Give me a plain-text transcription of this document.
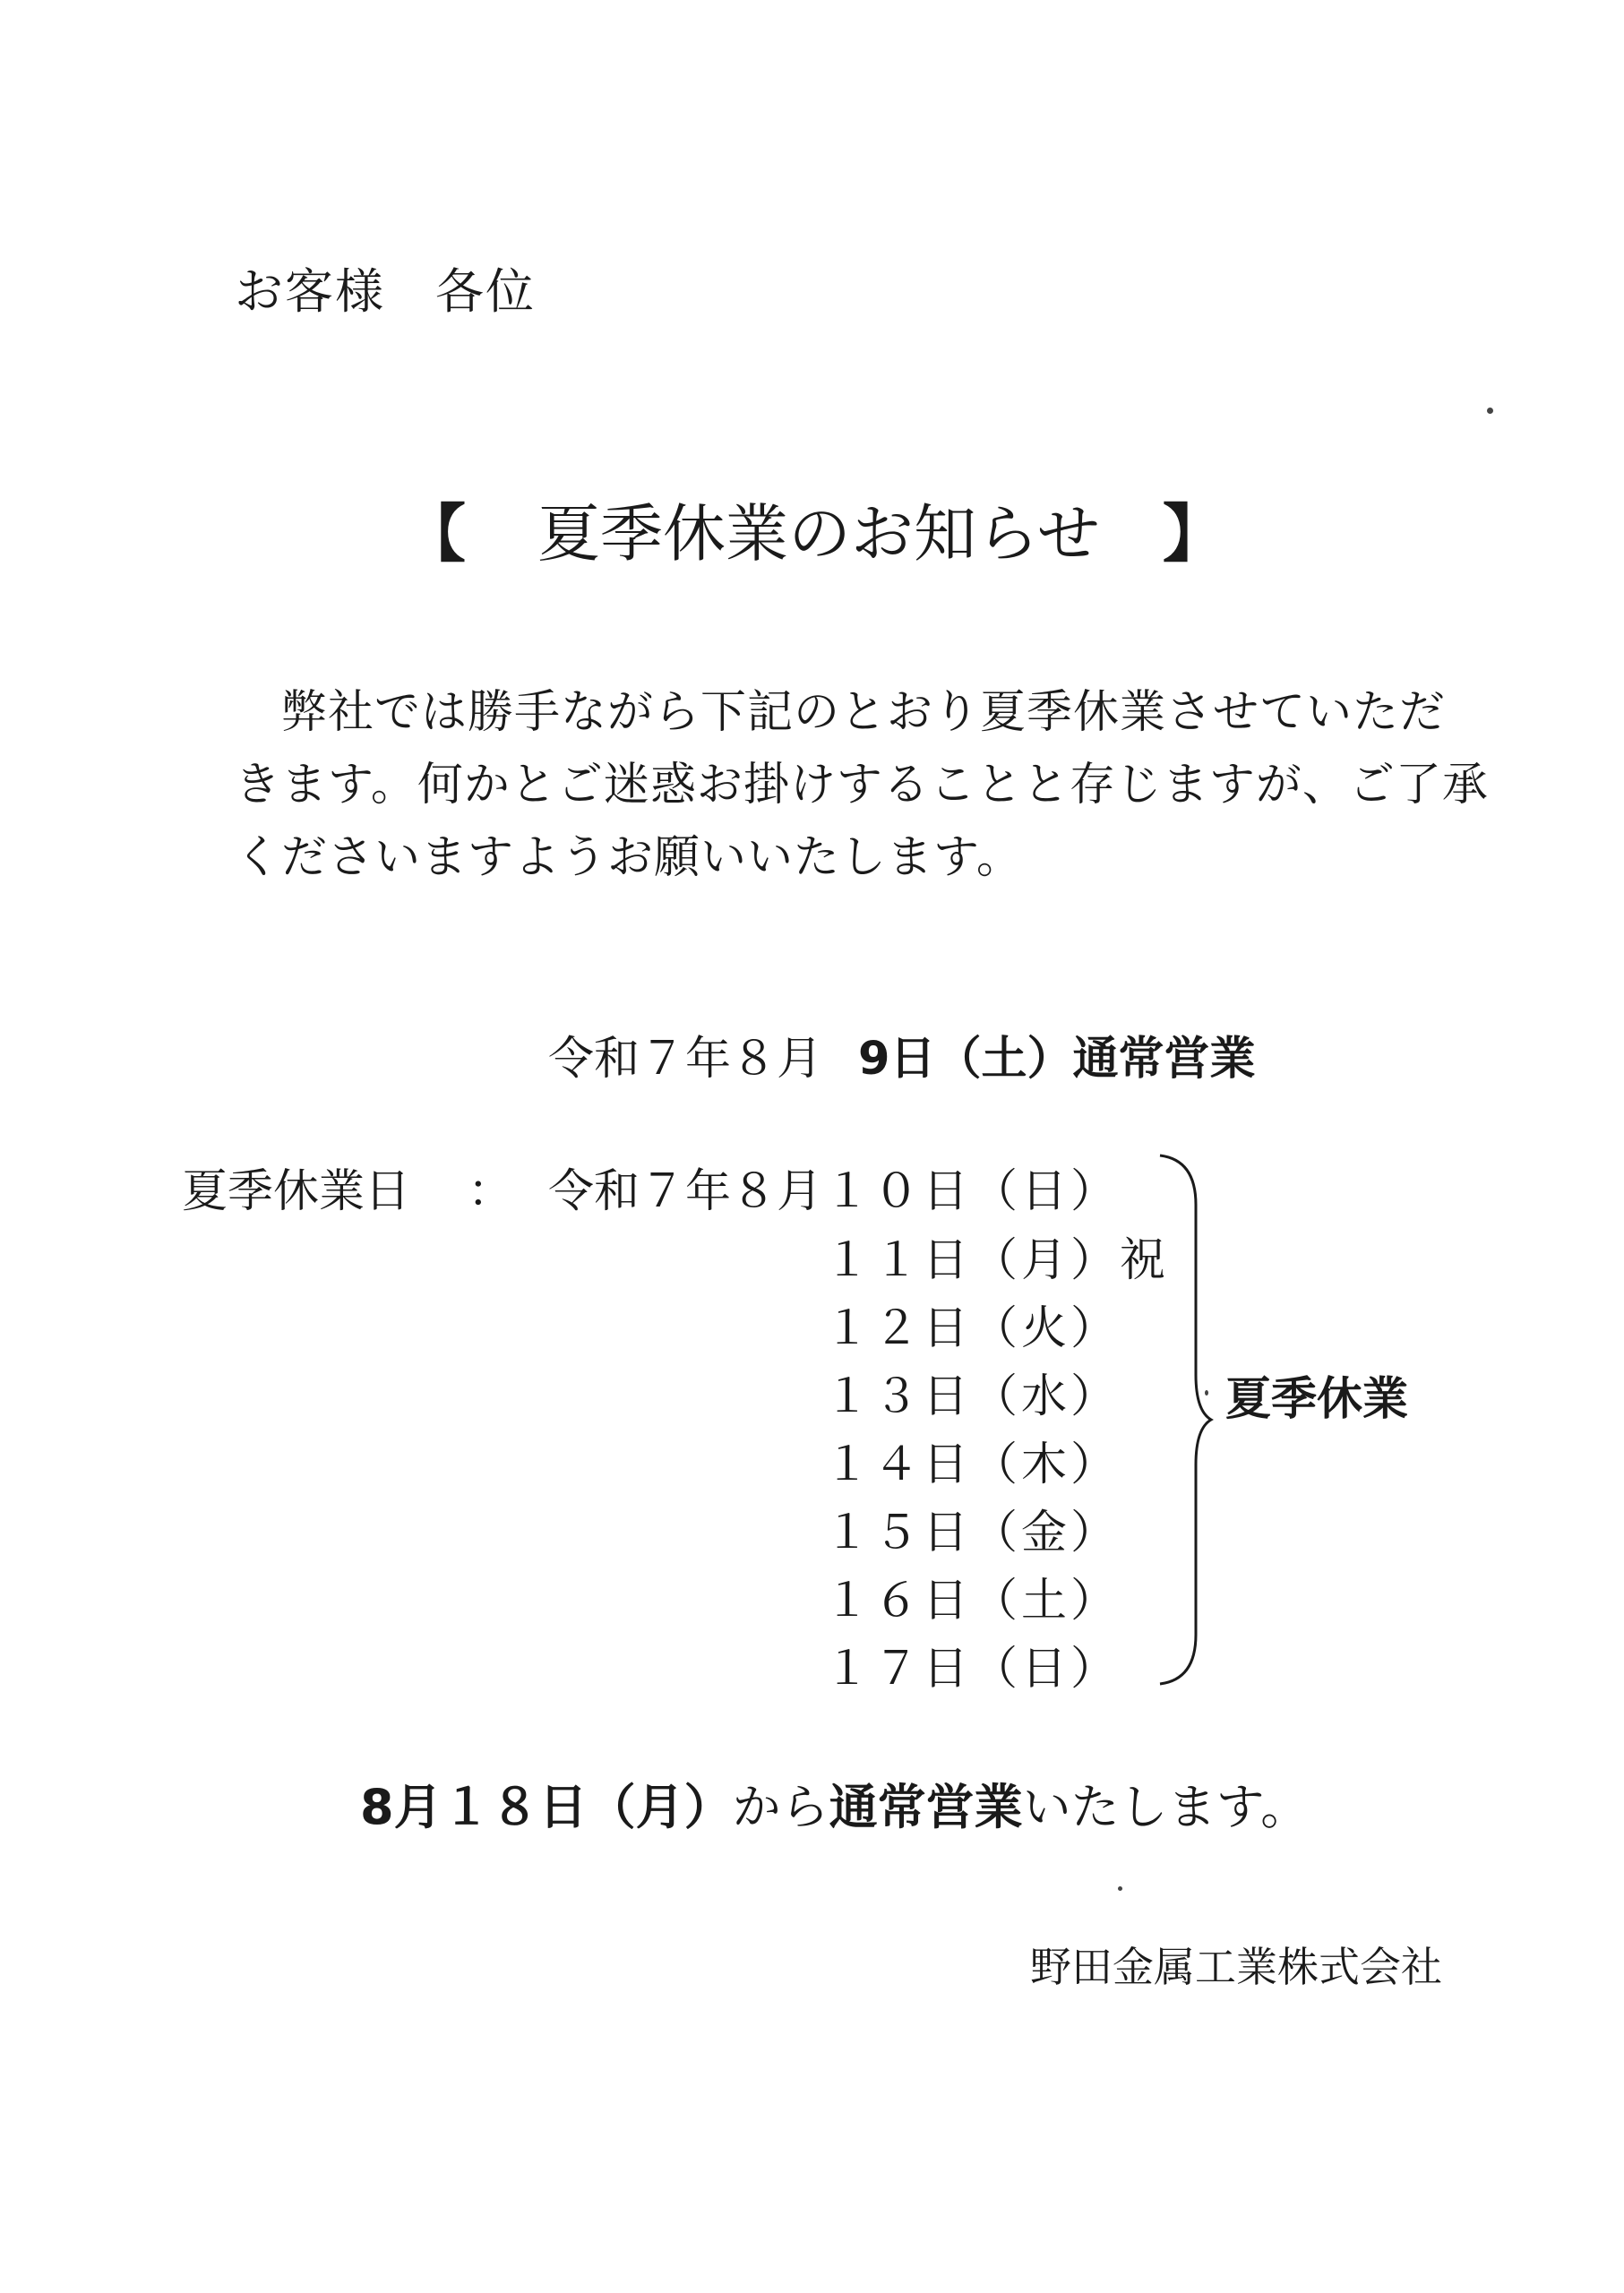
お客様　各位
【 夏季休業のお知らせ 】
　弊社では勝手ながら下記のとおり夏季休業させていただ
きます。何かとご迷惑お掛けすることと存じますが、ご了承
くださいますようお願いいたします。
令和７年８月 9日（土）通常営業
夏季休業日 ： 令和７年８月 １０日（日）
１１日（月）祝
１２日（火）
１３日（水）
１４日（木）
１５日（金）
１６日（土）
１７日（日）
夏季休業
8月１８日（月）から通常営業いたします。
野田金属工業株式会社
